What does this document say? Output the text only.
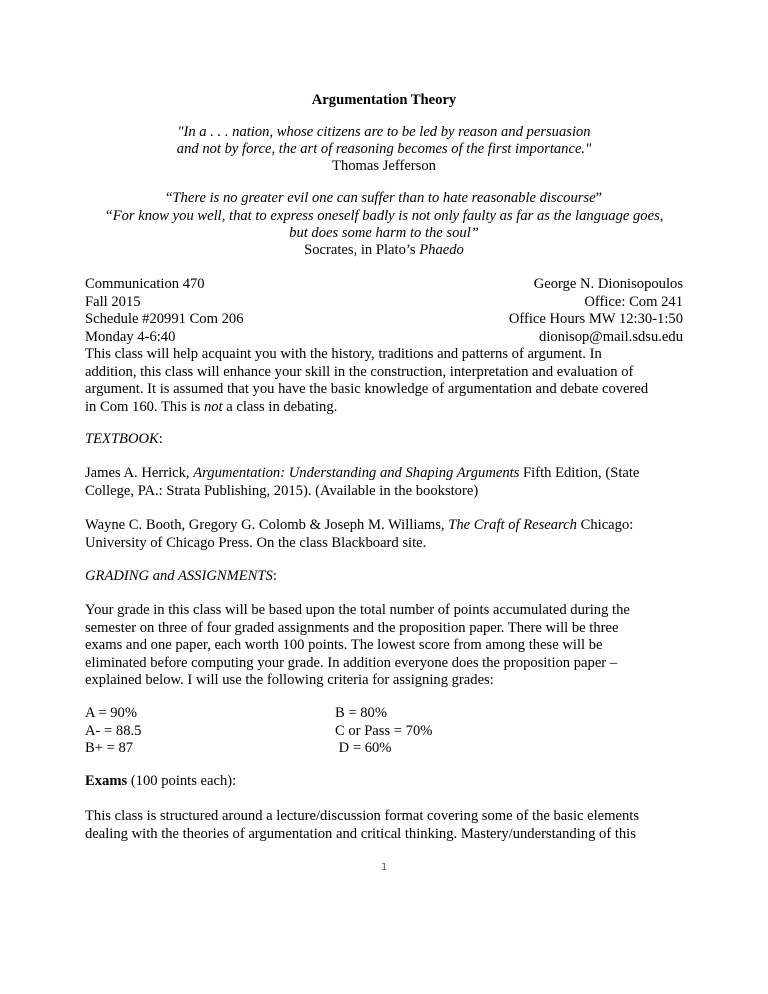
Argumentation Theory
"In a . . . nation, whose citizens are to be led by reason and persuasion
and not by force, the art of reasoning becomes of the first importance."
Thomas Jefferson
“There is no greater evil one can suffer than to hate reasonable discourse”
“For know you well, that to express oneself badly is not only faulty as far as the language goes,
but does some harm to the soul”
Socrates, in Plato’s Phaedo
Communication 470
Fall 2015
Schedule #20991 Com 206
Monday 4-6:40
George N. Dionisopoulos
Office: Com 241
Office Hours MW 12:30-1:50
dionisop@mail.sdsu.edu
This class will help acquaint you with the history, traditions and patterns of argument. In
addition, this class will enhance your skill in the construction, interpretation and evaluation of
argument. It is assumed that you have the basic knowledge of argumentation and debate covered
in Com 160. This is not a class in debating.
TEXTBOOK:
James A. Herrick, Argumentation: Understanding and Shaping Arguments Fifth Edition, (State
College, PA.: Strata Publishing, 2015). (Available in the bookstore)
Wayne C. Booth, Gregory G. Colomb & Joseph M. Williams, The Craft of Research Chicago:
University of Chicago Press. On the class Blackboard site.
GRADING and ASSIGNMENTS:
Your grade in this class will be based upon the total number of points accumulated during the
semester on three of four graded assignments and the proposition paper. There will be three
exams and one paper, each worth 100 points. The lowest score from among these will be
eliminated before computing your grade. In addition everyone does the proposition paper –
explained below. I will use the following criteria for assigning grades:
A = 90%
A- = 88.5
B+ = 87
B = 80%
C or Pass = 70%
D = 60%
Exams (100 points each):
This class is structured around a lecture/discussion format covering some of the basic elements
dealing with the theories of argumentation and critical thinking. Mastery/understanding of this
1
